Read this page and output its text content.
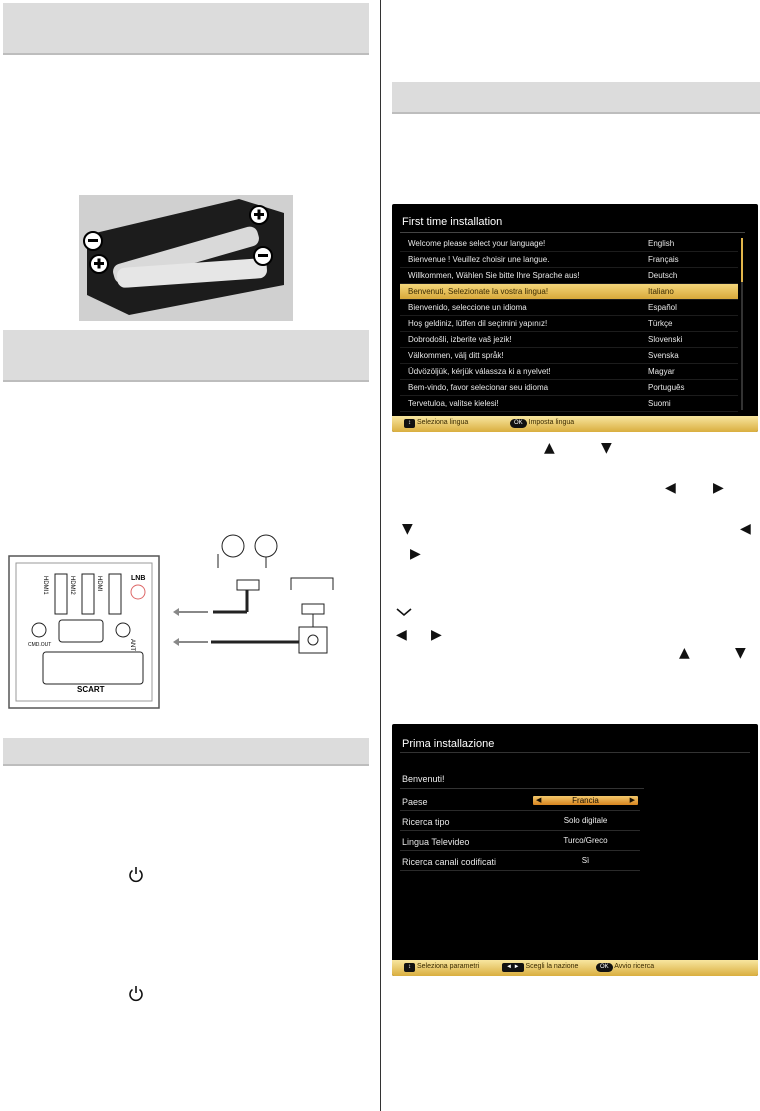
HDMI1	HDMI2	HDMI	LNB
CMD.OUT	ANT
SCART
First time installation
Welcome please select your language!	English
Bienvenue ! Veuillez choisir une langue.	Français
Willkommen, Wählen Sie bitte Ihre Sprache aus!	Deutsch
Benvenuti, Selezionate la vostra lingua!	Italiano
Bienvenido, seleccione un idioma	Español
Hoş geldiniz, lütfen dil seçimini yapınız!	Türkçe
Dobrodošli, izberite vaš jezik!	Slovenski
Välkommen, välj ditt språk!	Svenska
Üdvözöljük, kérjük válassza ki a nyelvet!	Magyar
Bem-vindo, favor selecionar seu idioma	Português
Tervetuloa, valitse kielesi!	Suomi
↕ Seleziona lingua	OK Imposta lingua
▲	▼
◀	▶
▼	◀
▶
◀ ▶
▲	▼
Prima installazione
Benvenuti!
Paese	◀	Francia	▶
Ricerca tipo	Solo digitale
Lingua Televideo	Turco/Greco
Ricerca canali codificati	Sì
↕ Seleziona parametri	◄ ► Scegli la nazione	OK Avvio ricerca
